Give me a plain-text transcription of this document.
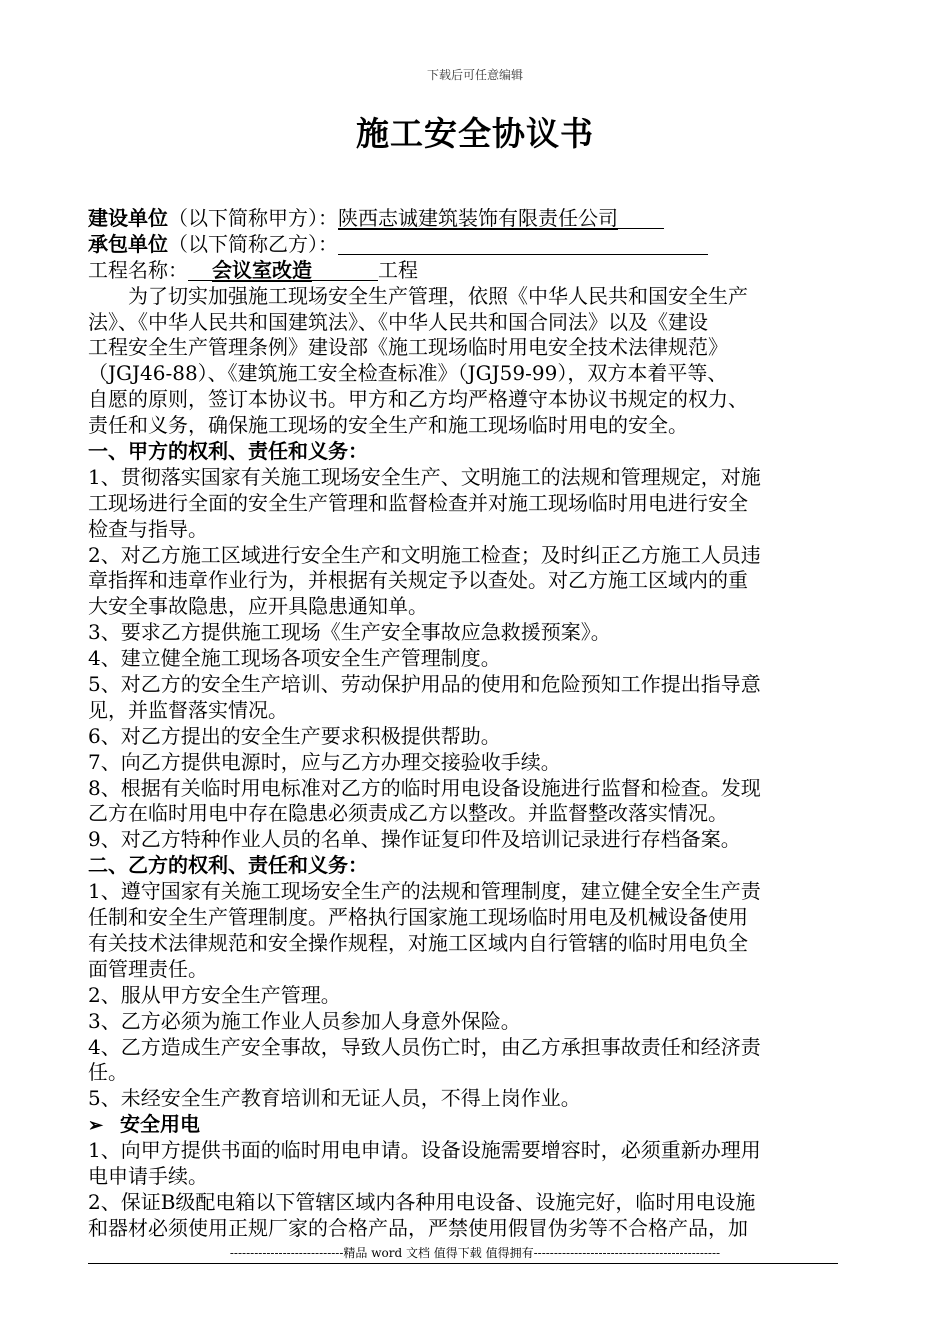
下载后可任意编辑
施工安全协议书
建设单位（以下简称甲方）：陕西志诚建筑装饰有限责任公司
承包单位（以下简称乙方）：
工程名称： 会议室改造	工程
为了切实加强施工现场安全生产管理，依照《中华人民共和国安全生产
法》、《中华人民共和国建筑法》、《中华人民共和国合同法》以及《建设
工程安全生产管理条例》建设部《施工现场临时用电安全技术法律规范》
（JGJ46-88）、《建筑施工安全检查标准》（JGJ59-99），双方本着平等、
自愿的原则，签订本协议书。甲方和乙方均严格遵守本协议书规定的权力、
责任和义务，确保施工现场的安全生产和施工现场临时用电的安全。
一、甲方的权利、责任和义务：
1、贯彻落实国家有关施工现场安全生产、文明施工的法规和管理规定，对施
工现场进行全面的安全生产管理和监督检查并对施工现场临时用电进行安全
检查与指导。
2、对乙方施工区域进行安全生产和文明施工检查；及时纠正乙方施工人员违
章指挥和违章作业行为，并根据有关规定予以查处。对乙方施工区域内的重
大安全事故隐患，应开具隐患通知单。
3、要求乙方提供施工现场《生产安全事故应急救援预案》。
4、建立健全施工现场各项安全生产管理制度。
5、对乙方的安全生产培训、劳动保护用品的使用和危险预知工作提出指导意
见，并监督落实情况。
6、对乙方提出的安全生产要求积极提供帮助。
7、向乙方提供电源时，应与乙方办理交接验收手续。
8、根据有关临时用电标准对乙方的临时用电设备设施进行监督和检查。发现
乙方在临时用电中存在隐患必须责成乙方以整改。并监督整改落实情况。
9、对乙方特种作业人员的名单、操作证复印件及培训记录进行存档备案。
二、乙方的权利、责任和义务：
1、遵守国家有关施工现场安全生产的法规和管理制度，建立健全安全生产责
任制和安全生产管理制度。严格执行国家施工现场临时用电及机械设备使用
有关技术法律规范和安全操作规程，对施工区域内自行管辖的临时用电负全
面管理责任。
2、服从甲方安全生产管理。
3、乙方必须为施工作业人员参加人身意外保险。
4、乙方造成生产安全事故，导致人员伤亡时，由乙方承担事故责任和经济责
任。
5、未经安全生产教育培训和无证人员，不得上岗作业。
➢ 安全用电
1、向甲方提供书面的临时用电申请。设备设施需要增容时，必须重新办理用
电申请手续。
2、保证B级配电箱以下管辖区域内各种用电设备、设施完好，临时用电设施
和器材必须使用正规厂家的合格产品，严禁使用假冒伪劣等不合格产品，加
----------------------------精品 word 文档 值得下载 值得拥有----------------------------------------------
